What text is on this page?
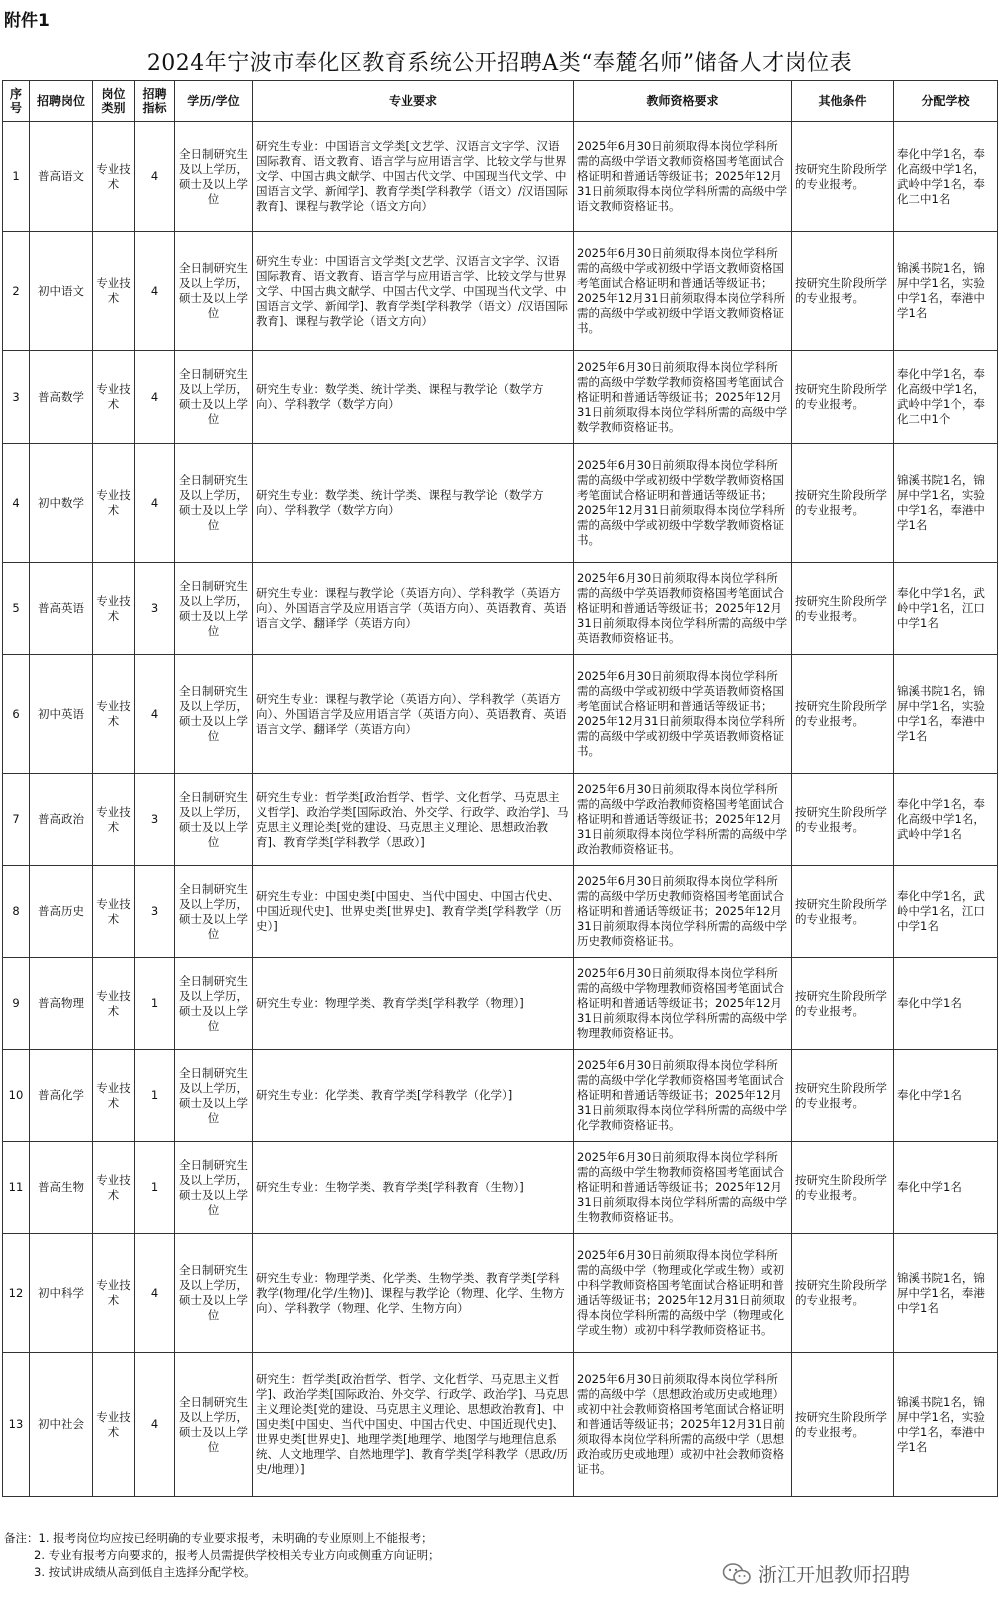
附件1
2024年宁波市奉化区教育系统公开招聘A类“奉麓名师”储备人才岗位表
序号	招聘岗位	岗位类别	招聘指标	学历/学位	专业要求	教师资格要求	其他条件	分配学校
1	普高语文	专业技术	4	全日制研究生及以上学历，硕士及以上学位	研究生专业：中国语言文学类[文艺学、汉语言文字学、汉语国际教育、语文教育、语言学与应用语言学、比较文学与世界文学、中国古典文献学、中国古代文学、中国现当代文学、中国语言文学、新闻学]、教育学类[学科教学（语文）/汉语国际教育]、课程与教学论（语文方向）	2025年6月30日前须取得本岗位学科所需的高级中学语文教师资格国考笔面试合格证明和普通话等级证书；2025年12月31日前须取得本岗位学科所需的高级中学语文教师资格证书。	按研究生阶段所学的专业报考。	奉化中学1名，奉化高级中学1名，武岭中学1名，奉化二中1名
2	初中语文	专业技术	4	全日制研究生及以上学历，硕士及以上学位	研究生专业：中国语言文学类[文艺学、汉语言文字学、汉语国际教育、语文教育、语言学与应用语言学、比较文学与世界文学、中国古典文献学、中国古代文学、中国现当代文学、中国语言文学、新闻学]、教育学类[学科教学（语文）/汉语国际教育]、课程与教学论（语文方向）	2025年6月30日前须取得本岗位学科所需的高级中学或初级中学语文教师资格国考笔面试合格证明和普通话等级证书；2025年12月31日前须取得本岗位学科所需的高级中学或初级中学语文教师资格证书。	按研究生阶段所学的专业报考。	锦溪书院1名，锦屏中学1名，实验中学1名，奉港中学1名
3	普高数学	专业技术	4	全日制研究生及以上学历，硕士及以上学位	研究生专业：数学类、统计学类、课程与教学论（数学方向）、学科教学（数学方向）	2025年6月30日前须取得本岗位学科所需的高级中学数学教师资格国考笔面试合格证明和普通话等级证书；2025年12月31日前须取得本岗位学科所需的高级中学数学教师资格证书。	按研究生阶段所学的专业报考。	奉化中学1名，奉化高级中学1名，武岭中学1个，奉化二中1个
4	初中数学	专业技术	4	全日制研究生及以上学历，硕士及以上学位	研究生专业：数学类、统计学类、课程与教学论（数学方向）、学科教学（数学方向）	2025年6月30日前须取得本岗位学科所需的高级中学或初级中学数学教师资格国考笔面试合格证明和普通话等级证书；2025年12月31日前须取得本岗位学科所需的高级中学或初级中学数学教师资格证书。	按研究生阶段所学的专业报考。	锦溪书院1名，锦屏中学1名，实验中学1名，奉港中学1名
5	普高英语	专业技术	3	全日制研究生及以上学历，硕士及以上学位	研究生专业：课程与教学论（英语方向）、学科教学（英语方向）、外国语言学及应用语言学（英语方向）、英语教育、英语语言文学、翻译学（英语方向）	2025年6月30日前须取得本岗位学科所需的高级中学英语教师资格国考笔面试合格证明和普通话等级证书；2025年12月31日前须取得本岗位学科所需的高级中学英语教师资格证书。	按研究生阶段所学的专业报考。	奉化中学1名，武岭中学1名，江口中学1名
6	初中英语	专业技术	4	全日制研究生及以上学历，硕士及以上学位	研究生专业：课程与教学论（英语方向）、学科教学（英语方向）、外国语言学及应用语言学（英语方向）、英语教育、英语语言文学、翻译学（英语方向）	2025年6月30日前须取得本岗位学科所需的高级中学或初级中学英语教师资格国考笔面试合格证明和普通话等级证书；2025年12月31日前须取得本岗位学科所需的高级中学或初级中学英语教师资格证书。	按研究生阶段所学的专业报考。	锦溪书院1名，锦屏中学1名，实验中学1名，奉港中学1名
7	普高政治	专业技术	3	全日制研究生及以上学历，硕士及以上学位	研究生专业：哲学类[政治哲学、哲学、文化哲学、马克思主义哲学]、政治学类[国际政治、外交学、行政学、政治学]、马克思主义理论类[党的建设、马克思主义理论、思想政治教育]、教育学类[学科教学（思政）]	2025年6月30日前须取得本岗位学科所需的高级中学政治教师资格国考笔面试合格证明和普通话等级证书；2025年12月31日前须取得本岗位学科所需的高级中学政治教师资格证书。	按研究生阶段所学的专业报考。	奉化中学1名，奉化高级中学1名，武岭中学1名
8	普高历史	专业技术	3	全日制研究生及以上学历，硕士及以上学位	研究生专业：中国史类[中国史、当代中国史、中国古代史、中国近现代史]、世界史类[世界史]、教育学类[学科教学（历史）]	2025年6月30日前须取得本岗位学科所需的高级中学历史教师资格国考笔面试合格证明和普通话等级证书；2025年12月31日前须取得本岗位学科所需的高级中学历史教师资格证书。	按研究生阶段所学的专业报考。	奉化中学1名，武岭中学1名，江口中学1名
9	普高物理	专业技术	1	全日制研究生及以上学历，硕士及以上学位	研究生专业：物理学类、教育学类[学科教学（物理）]	2025年6月30日前须取得本岗位学科所需的高级中学物理教师资格国考笔面试合格证明和普通话等级证书；2025年12月31日前须取得本岗位学科所需的高级中学物理教师资格证书。	按研究生阶段所学的专业报考。	奉化中学1名
10	普高化学	专业技术	1	全日制研究生及以上学历，硕士及以上学位	研究生专业：化学类、教育学类[学科教学（化学）]	2025年6月30日前须取得本岗位学科所需的高级中学化学教师资格国考笔面试合格证明和普通话等级证书；2025年12月31日前须取得本岗位学科所需的高级中学化学教师资格证书。	按研究生阶段所学的专业报考。	奉化中学1名
11	普高生物	专业技术	1	全日制研究生及以上学历，硕士及以上学位	研究生专业：生物学类、教育学类[学科教育（生物）]	2025年6月30日前须取得本岗位学科所需的高级中学生物教师资格国考笔面试合格证明和普通话等级证书；2025年12月31日前须取得本岗位学科所需的高级中学生物教师资格证书。	按研究生阶段所学的专业报考。	奉化中学1名
12	初中科学	专业技术	4	全日制研究生及以上学历，硕士及以上学位	研究生专业：物理学类、化学类、生物学类、教育学类[学科教学(物理/化学/生物)]、课程与教学论（物理、化学、生物方向）、学科教学（物理、化学、生物方向）	2025年6月30日前须取得本岗位学科所需的高级中学（物理或化学或生物）或初中科学教师资格国考笔面试合格证明和普通话等级证书；2025年12月31日前须取得本岗位学科所需的高级中学（物理或化学或生物）或初中科学教师资格证书。	按研究生阶段所学的专业报考。	锦溪书院1名，锦屏中学1名，奉港中学1名
13	初中社会	专业技术	4	全日制研究生及以上学历，硕士及以上学位	研究生：哲学类[政治哲学、哲学、文化哲学、马克思主义哲学]、政治学类[国际政治、外交学、行政学、政治学]、马克思主义理论类[党的建设、马克思主义理论、思想政治教育]、中国史类[中国史、当代中国史、中国古代史、中国近现代史]、世界史类[世界史]、地理学类[地理学、地图学与地理信息系统、人文地理学、自然地理学]、教育学类[学科教学（思政/历史/地理）]	2025年6月30日前须取得本岗位学科所需的高级中学（思想政治或历史或地理）或初中社会教师资格国考笔面试合格证明和普通话等级证书；2025年12月31日前须取得本岗位学科所需的高级中学（思想政治或历史或地理）或初中社会教师资格证书。	按研究生阶段所学的专业报考。	锦溪书院1名，锦屏中学1名，实验中学1名，奉港中学1名
备注：1. 报考岗位均应按已经明确的专业要求报考，未明确的专业原则上不能报考；
2. 专业有报考方向要求的，报考人员需提供学校相关专业方向或侧重方向证明；
3. 按试讲成绩从高到低自主选择分配学校。	浙江开旭教师招聘
